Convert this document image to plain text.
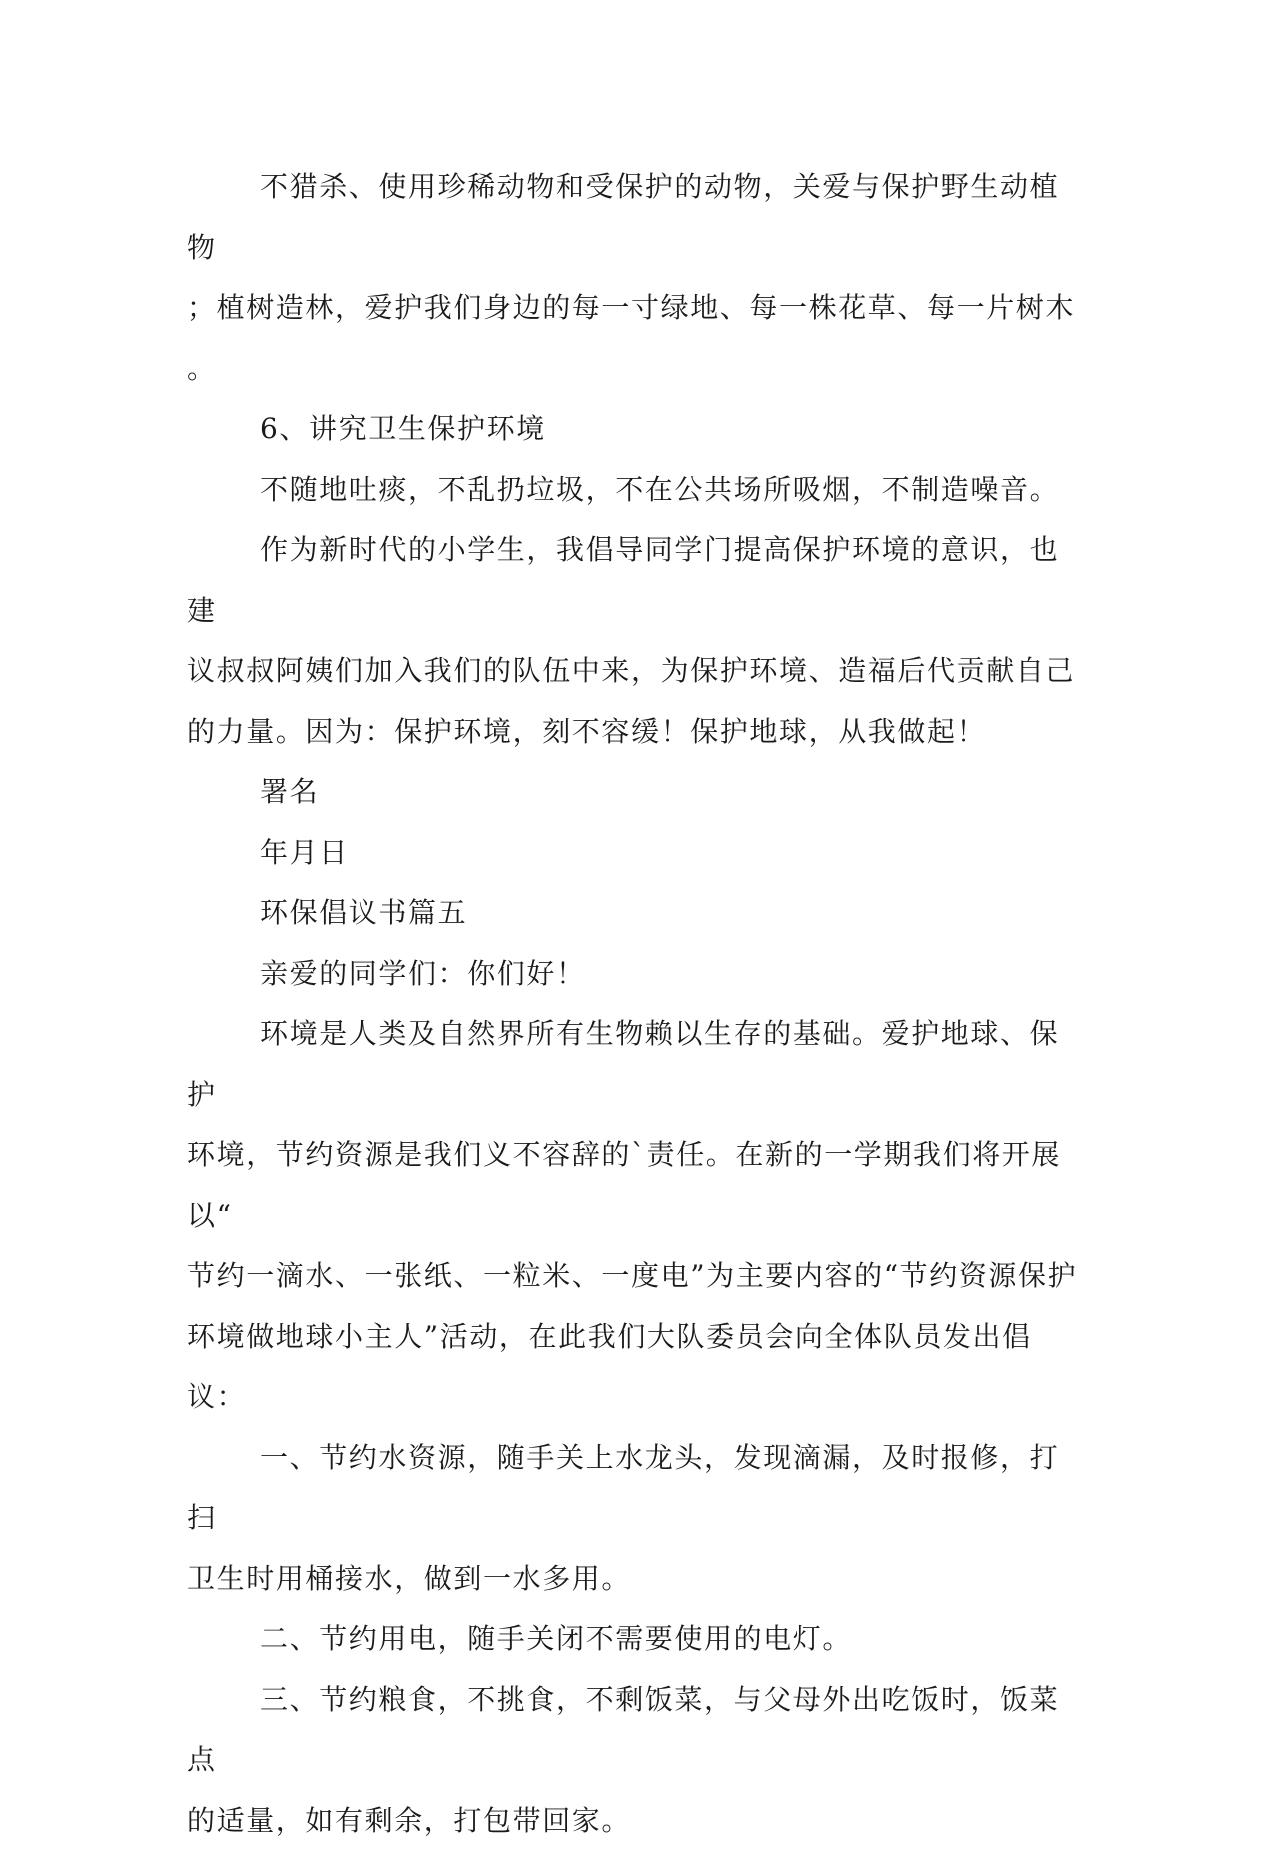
不猎杀、使用珍稀动物和受保护的动物，关爱与保护野生动植物
；植树造林，爱护我们身边的每一寸绿地、每一株花草、每一片树木
。

6、讲究卫生保护环境

不随地吐痰，不乱扔垃圾，不在公共场所吸烟，不制造噪音。

作为新时代的小学生，我倡导同学门提高保护环境的意识，也建
议叔叔阿姨们加入我们的队伍中来，为保护环境、造福后代贡献自己
的力量。因为：保护环境，刻不容缓！保护地球，从我做起！

署名

年月日

环保倡议书篇五

亲爱的同学们：你们好！

环境是人类及自然界所有生物赖以生存的基础。爱护地球、保护
环境，节约资源是我们义不容辞的`责任。在新的一学期我们将开展以“
节约一滴水、一张纸、一粒米、一度电”为主要内容的“节约资源保护
环境做地球小主人”活动，在此我们大队委员会向全体队员发出倡议：

一、节约水资源，随手关上水龙头，发现滴漏，及时报修，打扫
卫生时用桶接水，做到一水多用。

二、节约用电，随手关闭不需要使用的电灯。

三、节约粮食，不挑食，不剩饭菜，与父母外出吃饭时，饭菜点
的适量，如有剩余，打包带回家。
